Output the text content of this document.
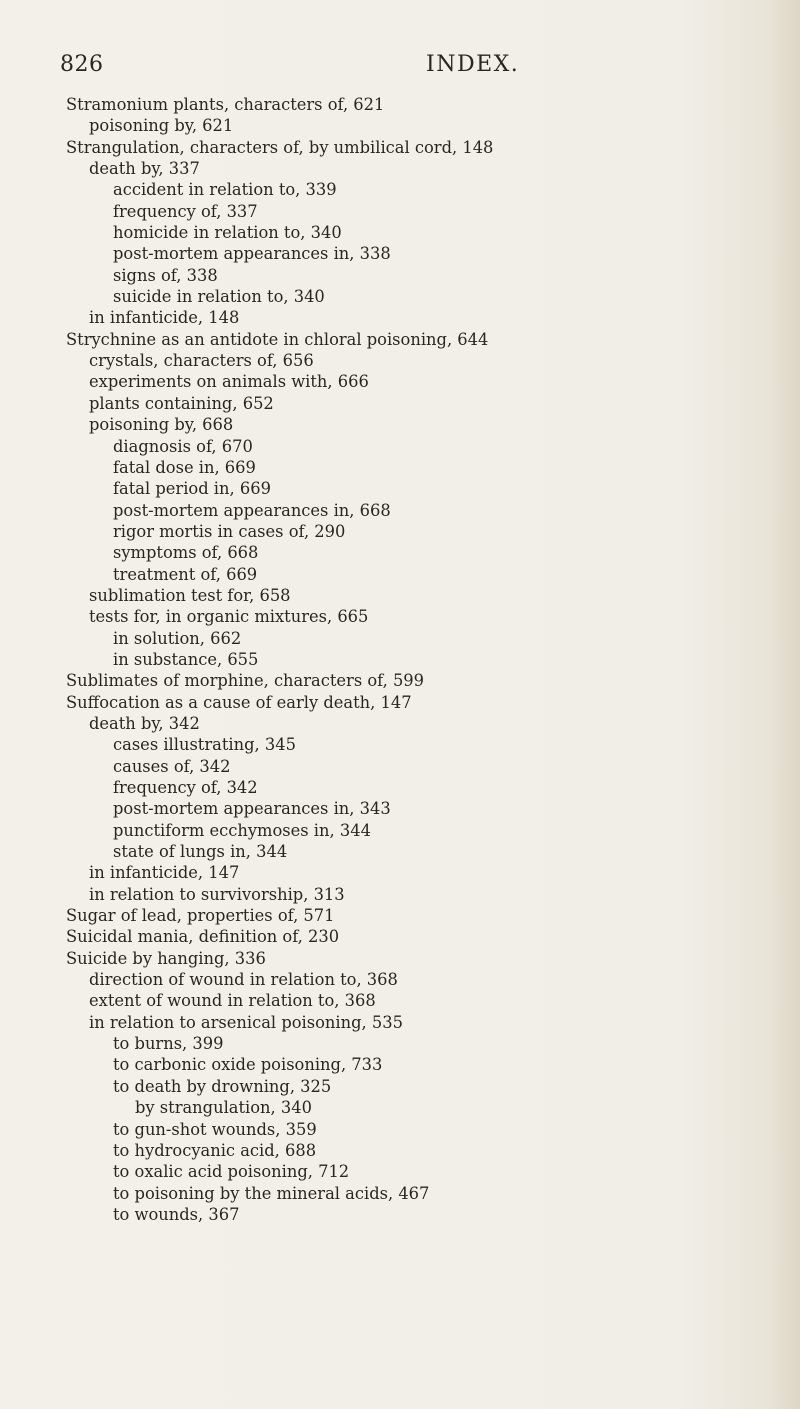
826	INDEX.
Stramonium plants, characters of, 621
poisoning by, 621
Strangulation, characters of, by umbilical cord, 148
death by, 337
accident in relation to, 339
frequency of, 337
homicide in relation to, 340
post-mortem appearances in, 338
signs of, 338
suicide in relation to, 340
in infanticide, 148
Strychnine as an antidote in chloral poisoning, 644
crystals, characters of, 656
experiments on animals with, 666
plants containing, 652
poisoning by, 668
diagnosis of, 670
fatal dose in, 669
fatal period in, 669
post-mortem appearances in, 668
rigor mortis in cases of, 290
symptoms of, 668
treatment of, 669
sublimation test for, 658
tests for, in organic mixtures, 665
in solution, 662
in substance, 655
Sublimates of morphine, characters of, 599
Suffocation as a cause of early death, 147
death by, 342
cases illustrating, 345
causes of, 342
frequency of, 342
post-mortem appearances in, 343
punctiform ecchymoses in, 344
state of lungs in, 344
in infanticide, 147
in relation to survivorship, 313
Sugar of lead, properties of, 571
Suicidal mania, definition of, 230
Suicide by hanging, 336
direction of wound in relation to, 368
extent of wound in relation to, 368
in relation to arsenical poisoning, 535
to burns, 399
to carbonic oxide poisoning, 733
to death by drowning, 325
by strangulation, 340
to gun-shot wounds, 359
to hydrocyanic acid, 688
to oxalic acid poisoning, 712
to poisoning by the mineral acids, 467
to wounds, 367
